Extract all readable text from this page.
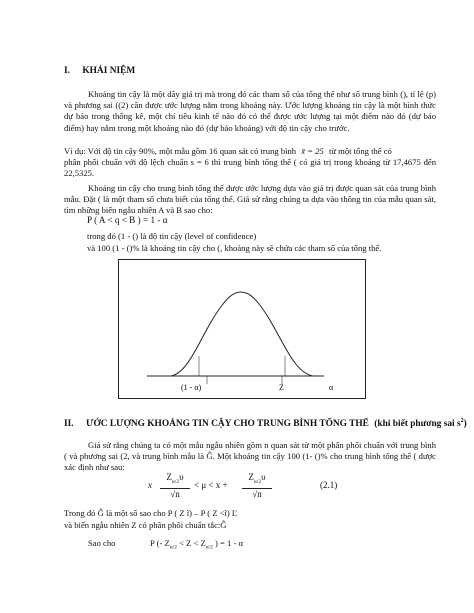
I. KHÁI NIỆM
Khoảng tin cậy là một dãy giá trị mà trong đó các tham số của tổng thể như số trung bình (), tỉ lệ (p) và phương sai ((2) cần được ước lượng nằm trong khoảng này. Ước lượng khoảng tin cậy là một hình thức dự báo trong thống kê, một chỉ tiêu kinh tế nào đó có thể được ước lượng tại một điểm nào đó (dự báo điểm) hay nằm trong một khoảng nào đó (dự báo khoảng) với độ tin cậy cho trước.
Ví dụ: Với độ tin cậy 90%, một mẫu gồm 16 quan sát có trung bình x̄ = 25 từ một tổng thể có
phân phối chuẩn với độ lệch chuẩn s = 6 thì trung bình tổng thể ( có giá trị trong khoảng từ 17,4675 đến 22,5325.
Khoảng tin cậy cho trung bình tổng thể được ước lượng dựa vào giá trị được quan sát của trung bình mẫu. Đặt ( là một tham số chưa biết của tổng thể. Giả sử rằng chúng ta dựa vào thông tin của mẫu quan sát, tìm những biến ngẫu nhiên A và B sao cho:
P ( A < q < B ) = 1 - α
trong đó (1 - () là độ tin cậy (level of confidence)
và 100 (1 - ()% là khoảng tin cậy cho (, khoảng này sẽ chứa các tham số của tổng thể.
(1 - α)	Z	α
II. ƯỚC LƯỢNG KHOẢNG TIN CẬY CHO TRUNG BÌNH TỔNG THỂ (khi biết phương sai $s^2$)
Giả sử rằng chúng ta có một mẫu ngẫu nhiên gồm n quan sát từ một phân phối chuẩn với trung bình ( và phương sai (2, và trung bình mẫu là Ĝ. Một khoảng tin cậy 100 (1- ()% cho trung bình tổng thể ( được xác định như sau:
x $\frac{Z_{\alpha/2}\upsilon}{√n} < \mu < x + \frac{Z_{\alpha/2}\upsilon}{√n}$	(2.1)
Trong đó Ĝ là một số sao cho P ( Z ĩ) – P ( Z <ĩ) Ľ
và biến ngẫu nhiên Z có phân phối chuẩn tắc:Ĝ
Sao cho	P (- $Z_{\alpha/2} < Z < Z_{\alpha/2}$ ) = 1 - α
